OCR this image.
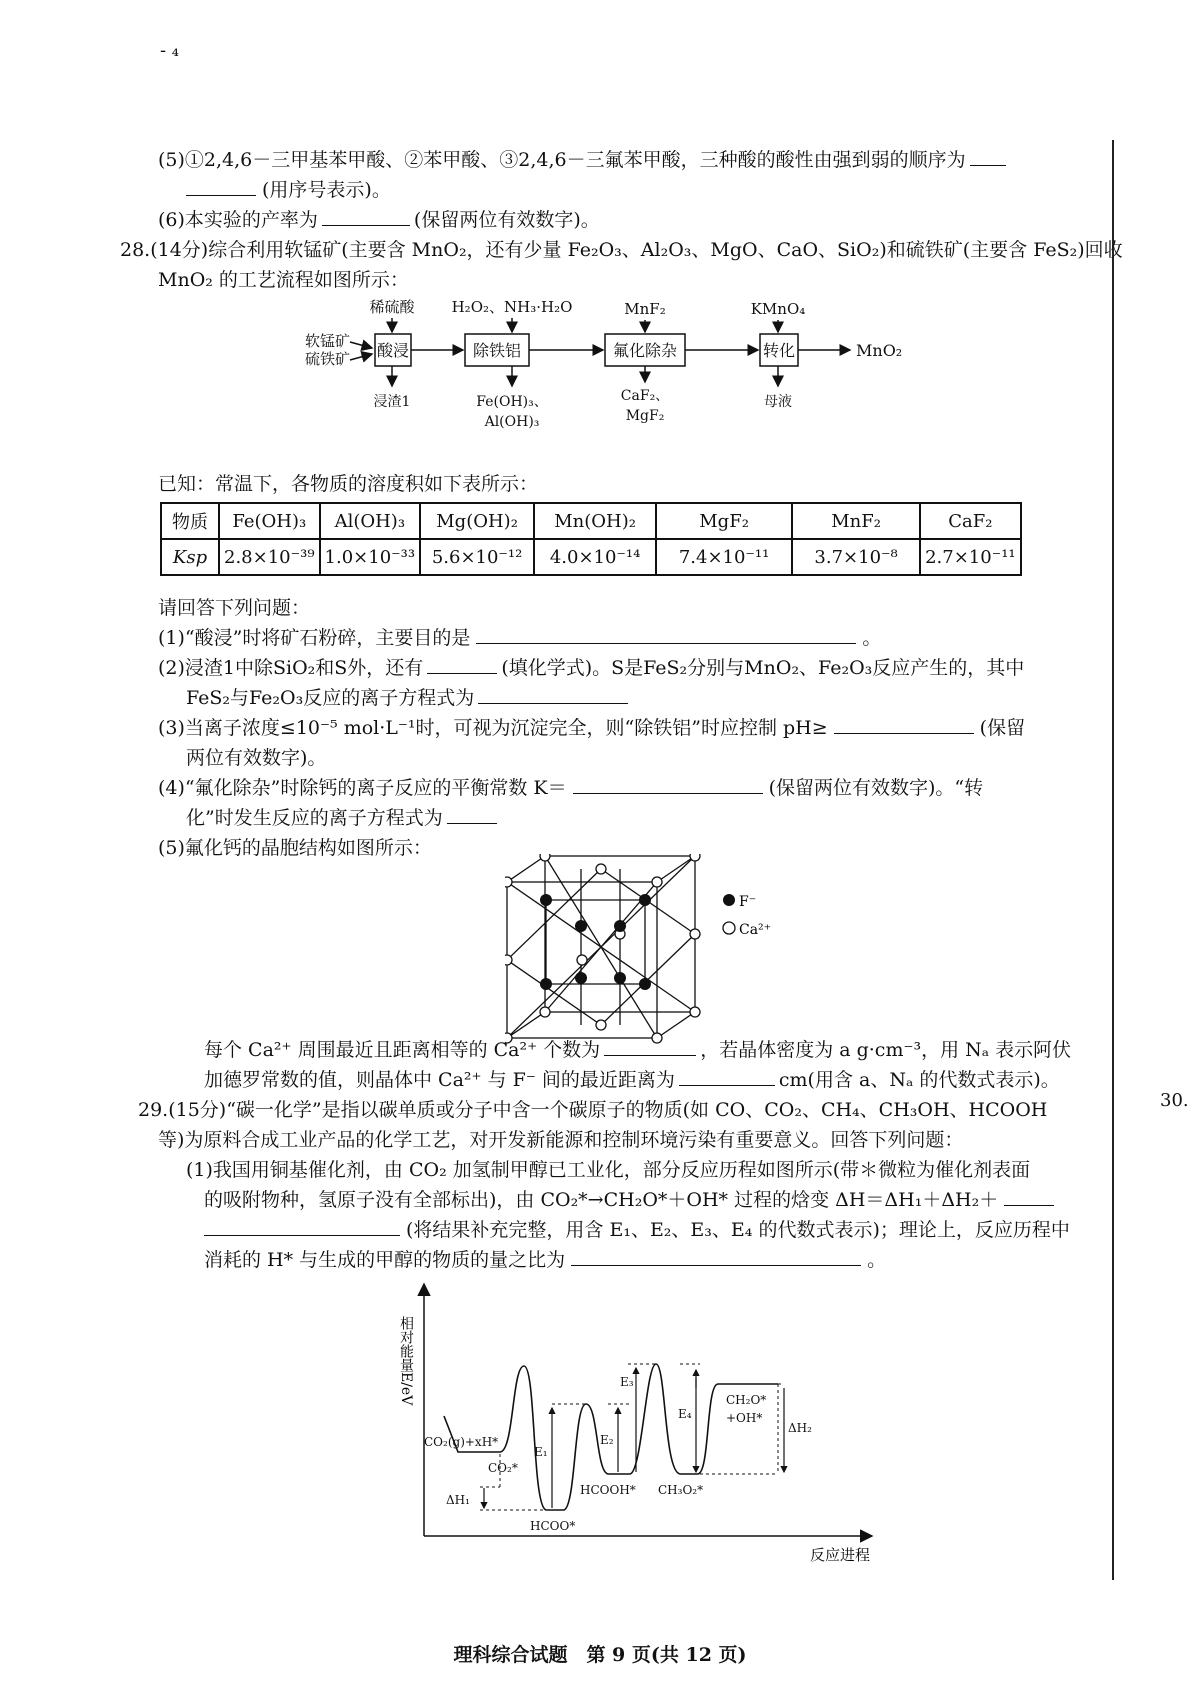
- ₄
30.
(5)①2,4,6－三甲基苯甲酸、②苯甲酸、③2,4,6－三氟苯甲酸，三种酸的酸性由强到弱的顺序为
(用序号表示)。
(6)本实验的产率为	(保留两位有效数字)。
28.(14分)综合利用软锰矿(主要含 MnO₂，还有少量 Fe₂O₃、Al₂O₃、MgO、CaO、SiO₂)和硫铁矿(主要含 FeS₂)回收
MnO₂ 的工艺流程如图所示：
稀硫酸 H₂O₂、NH₃·H₂O	MnF₂	KMnO₄
软锰矿
硫铁矿 酸浸	除铁铝	氟化除杂	转化	MnO₂
浸渣1	Fe(OH)₃、
Al(OH)₃
CaF₂、
MgF₂
母液
已知：常温下，各物质的溶度积如下表所示：
物质	Fe(OH)₃	Al(OH)₃	Mg(OH)₂	Mn(OH)₂	MgF₂	MnF₂	CaF₂
Ksp	2.8×10⁻³⁹	1.0×10⁻³³	5.6×10⁻¹²	4.0×10⁻¹⁴	7.4×10⁻¹¹	3.7×10⁻⁸	2.7×10⁻¹¹
请回答下列问题：
(1)“酸浸”时将矿石粉碎，主要目的是	。
(2)浸渣1中除SiO₂和S外，还有	(填化学式)。S是FeS₂分别与MnO₂、Fe₂O₃反应产生的，其中
FeS₂与Fe₂O₃反应的离子方程式为
(3)当离子浓度≤10⁻⁵ mol·L⁻¹时，可视为沉淀完全，则“除铁铝”时应控制 pH≥	(保留
两位有效数字)。
(4)“氟化除杂”时除钙的离子反应的平衡常数 K＝	(保留两位有效数字)。“转
化”时发生反应的离子方程式为
(5)氟化钙的晶胞结构如图所示：
F⁻
Ca²⁺
每个 Ca²⁺ 周围最近且距离相等的 Ca²⁺ 个数为	，若晶体密度为 a g·cm⁻³，用 Nₐ 表示阿伏
加德罗常数的值，则晶体中 Ca²⁺ 与 F⁻ 间的最近距离为	cm(用含 a、Nₐ 的代数式表示)。
29.(15分)“碳一化学”是指以碳单质或分子中含一个碳原子的物质(如 CO、CO₂、CH₄、CH₃OH、HCOOH
等)为原料合成工业产品的化学工艺，对开发新能源和控制环境污染有重要意义。回答下列问题：
(1)我国用铜基催化剂，由 CO₂ 加氢制甲醇已工业化，部分反应历程如图所示(带＊微粒为催化剂表面
的吸附物种，氢原子没有全部标出)，由 CO₂*→CH₂O*＋OH* 过程的焓变 ΔH＝ΔH₁＋ΔH₂＋
(将结果补充完整，用含 E₁、E₂、E₃、E₄ 的代数式表示)；理论上，反应历程中
消耗的 H* 与生成的甲醇的物质的量之比为	。
相对能量E/eV
反应进程
CO₂(g)+xH*
CO₂*
ΔH₁
HCOO*
E₁
E₂
HCOOH*
E₃
E₄
CH₃O₂*
CH₂O*
+OH*
ΔH₂
理科综合试题　第 9 页(共 12 页)
